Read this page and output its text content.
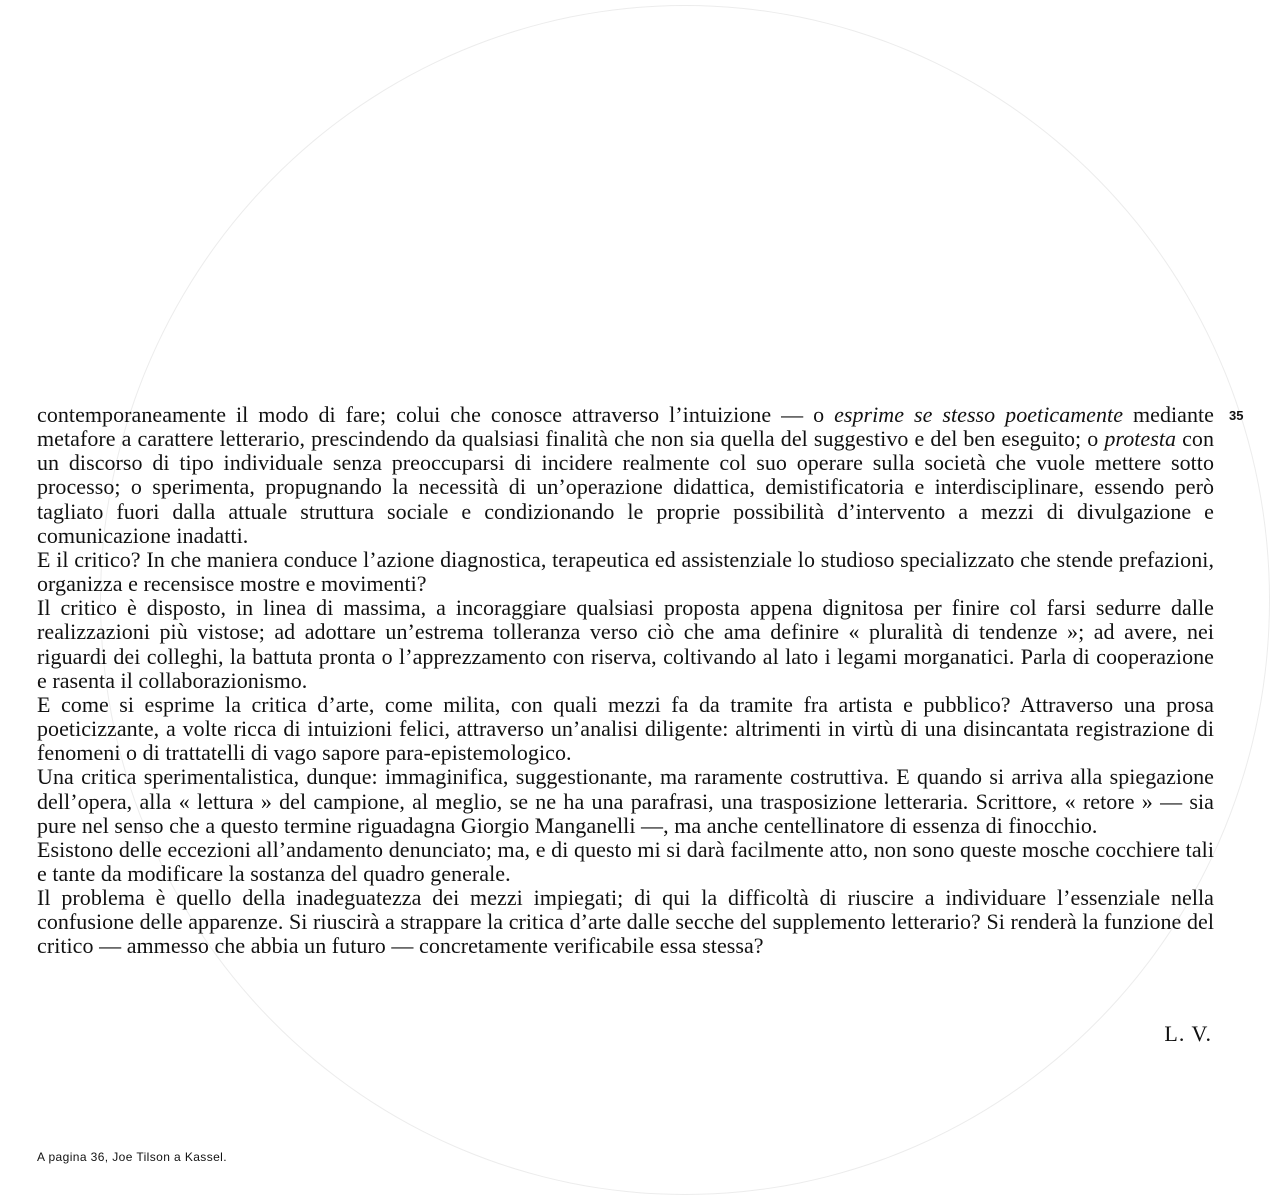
35

contemporaneamente il modo di fare; colui che conosce attraverso l’intuizione — o esprime se stesso poeticamente mediante metafore a carattere letterario, prescindendo da qualsiasi finalità che non sia quella del suggestivo e del ben eseguito; o protesta con un discorso di tipo individuale senza preoccuparsi di incidere realmente col suo operare sulla società che vuole mettere sotto processo; o sperimenta, propugnando la necessità di un’operazione didattica, demistificatoria e interdisciplinare, essendo però tagliato fuori dalla attuale struttura sociale e condizionando le proprie possibilità d’intervento a mezzi di divulgazione e comunicazione inadatti.

E il critico? In che maniera conduce l’azione diagnostica, terapeutica ed assistenziale lo studioso specializzato che stende prefazioni, organizza e recensisce mostre e movimenti?

Il critico è disposto, in linea di massima, a incoraggiare qualsiasi proposta appena dignitosa per finire col farsi sedurre dalle realizzazioni più vistose; ad adottare un’estrema tolleranza verso ciò che ama definire « pluralità di tendenze »; ad avere, nei riguardi dei colleghi, la battuta pronta o l’apprezzamento con riserva, coltivando al lato i legami morganatici. Parla di cooperazione e rasenta il collaborazionismo.

E come si esprime la critica d’arte, come milita, con quali mezzi fa da tramite fra artista e pubblico? Attraverso una prosa poeticizzante, a volte ricca di intuizioni felici, attraverso un’analisi diligente: altrimenti in virtù di una disincantata registrazione di fenomeni o di trattatelli di vago sapore para-epistemologico.

Una critica sperimentalistica, dunque: immaginifica, suggestionante, ma raramente costruttiva. E quando si arriva alla spiegazione dell’opera, alla « lettura » del campione, al meglio, se ne ha una parafrasi, una trasposizione letteraria. Scrittore, « retore » — sia pure nel senso che a questo termine riguadagna Giorgio Manganelli —, ma anche centellinatore di essenza di finocchio.

Esistono delle eccezioni all’andamento denunciato; ma, e di questo mi si darà facilmente atto, non sono queste mosche cocchiere tali e tante da modificare la sostanza del quadro generale.

Il problema è quello della inadeguatezza dei mezzi impiegati; di qui la difficoltà di riuscire a individuare l’essenziale nella confusione delle apparenze. Si riuscirà a strappare la critica d’arte dalle secche del supplemento letterario? Si renderà la funzione del critico — ammesso che abbia un futuro — concretamente verificabile essa stessa?

L. V.
A pagina 36, Joe Tilson a Kassel.
